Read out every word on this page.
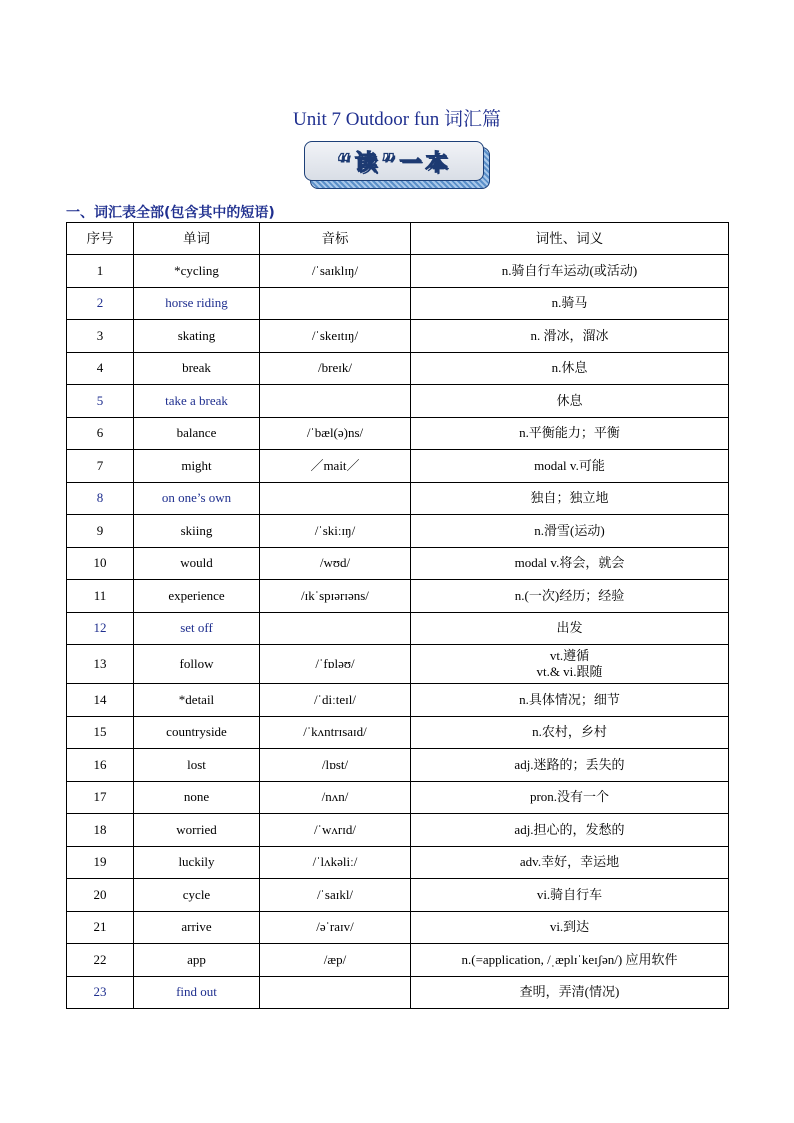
Unit 7 Outdoor fun 词汇篇
“读”一本
一、词汇表全部(包含其中的短语)
序号	单词	音标	词性、词义
1	*cycling	/ˈsaɪklɪŋ/	n.骑自行车运动(或活动)

2	horse riding		n.骑马

3	skating	/ˈskeɪtɪŋ/	n. 滑冰，溜冰

4	break	/breɪk/	n.休息

5	take a break		休息

6	balance	/ˈbæl(ə)ns/	n.平衡能力；平衡

7	might	／mait／	modal v.可能

8	on one’s own		独自；独立地

9	skiing	/ˈskiːɪŋ/	n.滑雪(运动)

10	would	/wʊd/	modal v.将会，就会

11	experience	/ɪkˈspɪərɪəns/	n.(一次)经历；经验

12	set off		出发

13	follow	/ˈfɒləʊ/	vt.遵循
vt.& vi.跟随

14	*detail	/ˈdiːteɪl/	n.具体情况；细节

15	countryside	/ˈkʌntrɪsaɪd/	n.农村，乡村

16	lost	/lɒst/	adj.迷路的；丢失的

17	none	/nʌn/	pron.没有一个

18	worried	/ˈwʌrɪd/	adj.担心的，发愁的

19	luckily	/ˈlʌkəliː/	adv.幸好，幸运地

20	cycle	/ˈsaɪkl/	vi.骑自行车

21	arrive	/əˈraɪv/	vi.到达

22	app	/æp/	n.(=application, /ˌæplɪˈkeɪʃən/) 应用软件

23	find out		查明，弄清(情况)
